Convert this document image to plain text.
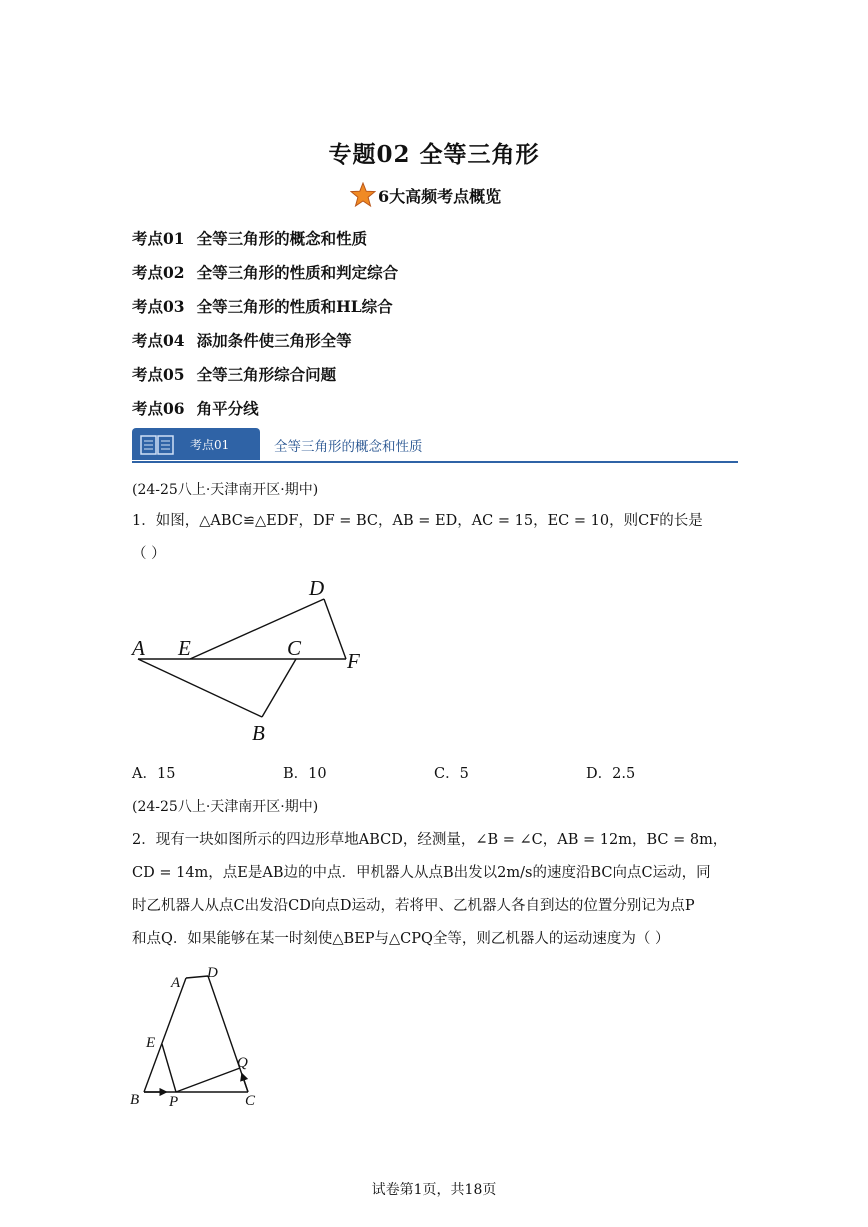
专题02 全等三角形
6大高频考点概览
考点01 全等三角形的概念和性质
考点02 全等三角形的性质和判定综合
考点03 全等三角形的性质和HL综合
考点04 添加条件使三角形全等
考点05 全等三角形综合问题
考点06 角平分线
考点01	全等三角形的概念和性质
(24-25八上·天津南开区·期中)
1．如图，△ABC≌△EDF，DF = BC，AB = ED，AC = 15，EC = 10，则CF的长是
（ ）
A E	C
F
D
B
A．15	B．10	C．5	D．2.5
(24-25八上·天津南开区·期中)
2．现有一块如图所示的四边形草地ABCD，经测量，∠B = ∠C，AB = 12m，BC = 8m，
CD = 14m，点E是AB边的中点．甲机器人从点B出发以2m/s的速度沿BC向点C运动，同
时乙机器人从点C出发沿CD向点D运动，若将甲、乙机器人各自到达的位置分别记为点P
和点Q．如果能够在某一时刻使△BEP与△CPQ全等，则乙机器人的运动速度为（ ）
A
D
E
Q
B P	C
试卷第1页，共18页
